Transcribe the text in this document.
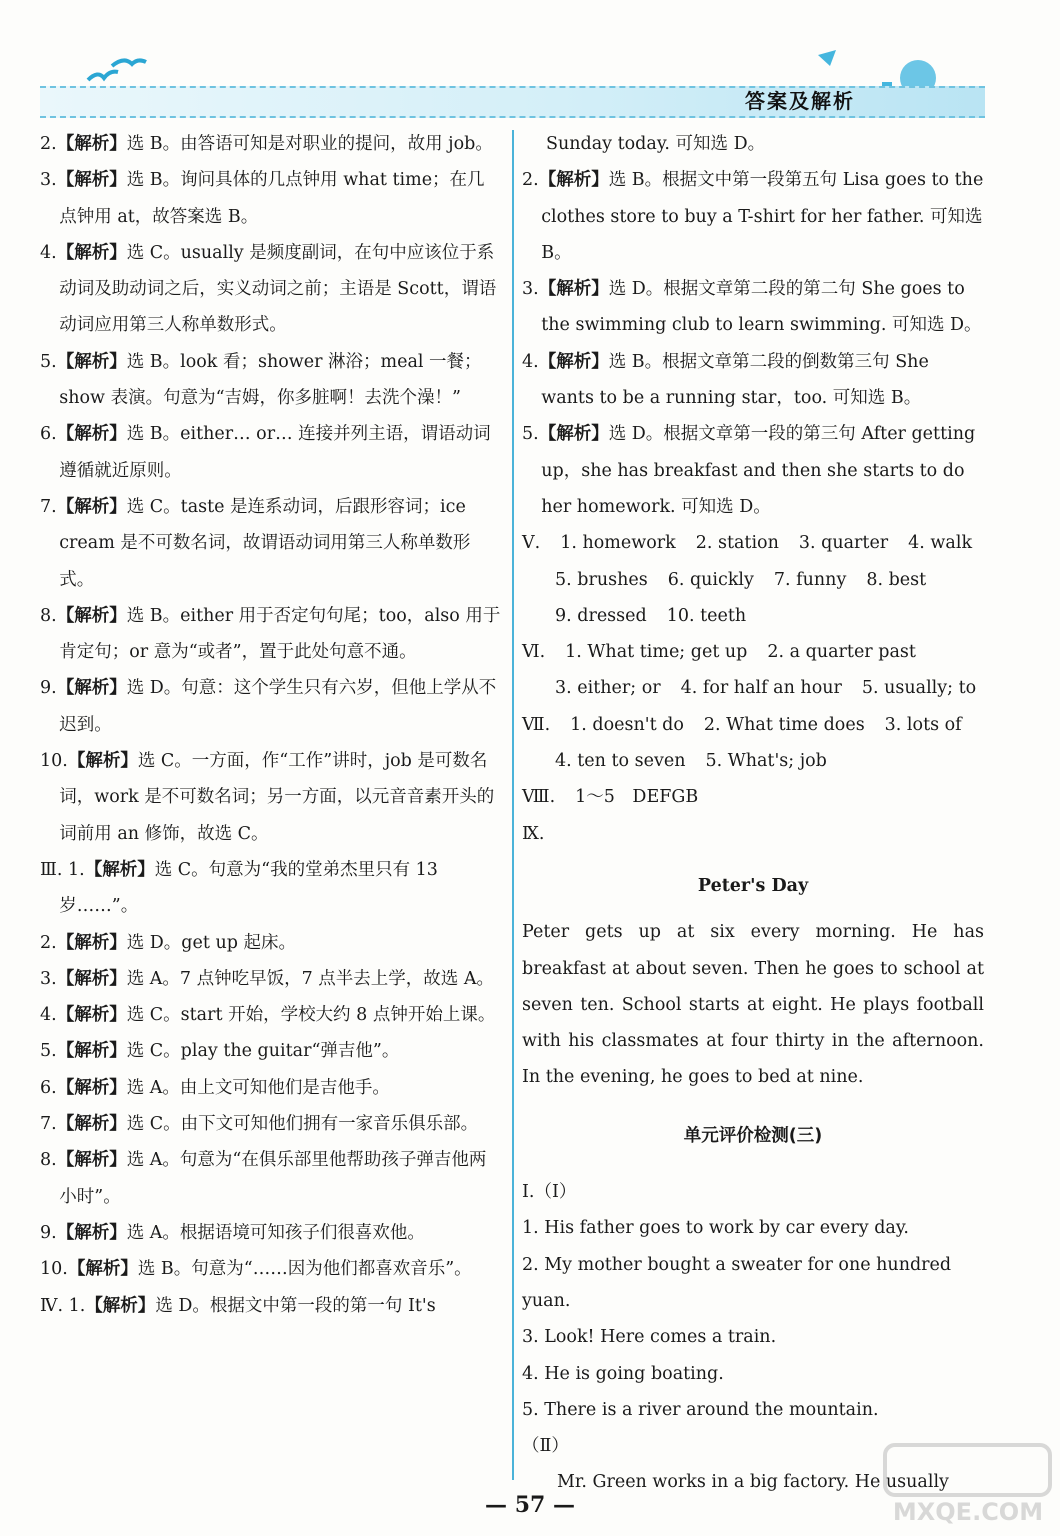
答案及解析

2.【解析】选 B。由答语可知是对职业的提问，故用 job。

3.【解析】选 B。询问具体的几点钟用 what time；在几点钟用 at，故答案选 B。

4.【解析】选 C。usually 是频度副词，在句中应该位于系动词及助动词之后，实义动词之前；主语是 Scott，谓语动词应用第三人称单数形式。

5.【解析】选 B。look 看；shower 淋浴；meal 一餐；show 表演。句意为“吉姆，你多脏啊！去洗个澡！”

6.【解析】选 B。either… or… 连接并列主语，谓语动词遵循就近原则。

7.【解析】选 C。taste 是连系动词，后跟形容词；ice cream 是不可数名词，故谓语动词用第三人称单数形式。

8.【解析】选 B。either 用于否定句句尾；too，also 用于肯定句；or 意为“或者”，置于此处句意不通。

9.【解析】选 D。句意：这个学生只有六岁，但他上学从不迟到。

10.【解析】选 C。一方面，作“工作”讲时，job 是可数名词，work 是不可数名词；另一方面，以元音音素开头的词前用 an 修饰，故选 C。

Ⅲ. 1.【解析】选 C。句意为“我的堂弟杰里只有 13 岁……”。

2.【解析】选 D。get up 起床。

3.【解析】选 A。7 点钟吃早饭，7 点半去上学，故选 A。

4.【解析】选 C。start 开始，学校大约 8 点钟开始上课。

5.【解析】选 C。play the guitar“弹吉他”。

6.【解析】选 A。由上文可知他们是吉他手。

7.【解析】选 C。由下文可知他们拥有一家音乐俱乐部。

8.【解析】选 A。句意为“在俱乐部里他帮助孩子弹吉他两小时”。

9.【解析】选 A。根据语境可知孩子们很喜欢他。

10.【解析】选 B。句意为“……因为他们都喜欢音乐”。

Ⅳ. 1.【解析】选 D。根据文中第一段的第一句 It's

Sunday today. 可知选 D。

2.【解析】选 B。根据文中第一段第五句 Lisa goes to the clothes store to buy a T-shirt for her father. 可知选 B。

3.【解析】选 D。根据文章第二段的第二句 She goes to the swimming club to learn swimming. 可知选 D。

4.【解析】选 B。根据文章第二段的倒数第三句 She wants to be a running star，too. 可知选 B。

5.【解析】选 D。根据文章第一段的第三句 After getting up，she has breakfast and then she starts to do her homework. 可知选 D。

Ⅴ. 1. homework 2. station 3. quarter 4. walk
5. brushes 6. quickly 7. funny 8. best
9. dressed 10. teeth
Ⅵ. 1. What time; get up 2. a quarter past
3. either; or 4. for half an hour 5. usually; to
Ⅶ. 1. doesn't do 2. What time does 3. lots of
4. ten to seven 5. What's; job
Ⅷ. 1～5　DEFGB
Ⅸ.
Peter's Day

Peter gets up at six every morning. He has breakfast at about seven. Then he goes to school at seven ten. School starts at eight. He plays football with his classmates at four thirty in the afternoon. In the evening, he goes to bed at nine.

单元评价检测(三)

Ⅰ.（Ⅰ）

1. His father goes to work by car every day.

2. My mother bought a sweater for one hundred yuan.

3. Look! Here comes a train.

4. He is going boating.

5. There is a river around the mountain.

（Ⅱ）

Mr. Green works in a big factory. He usually

— 57 —	MXQE.COM
